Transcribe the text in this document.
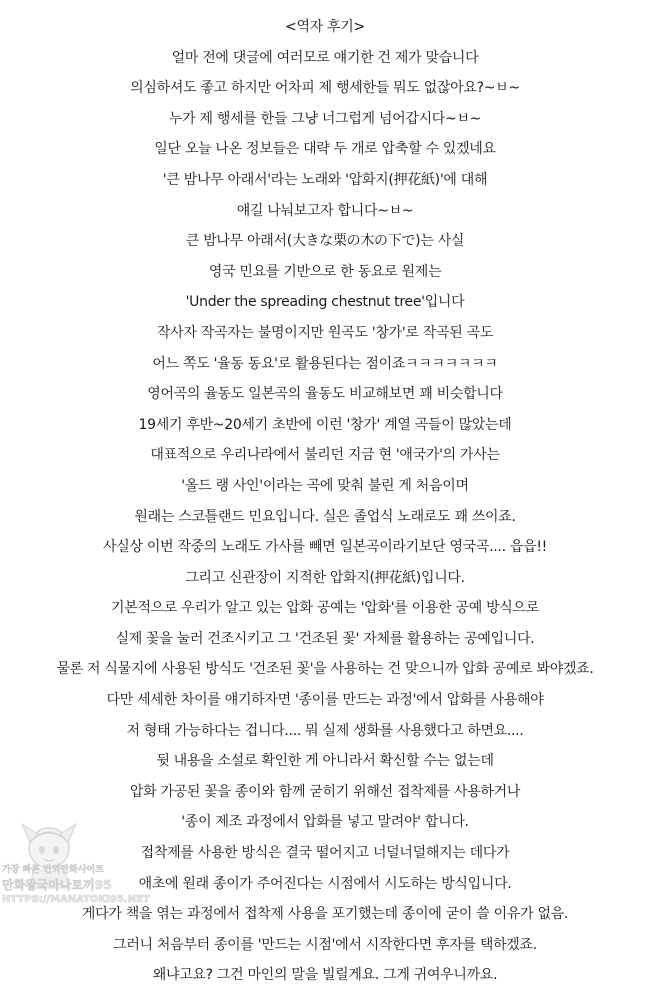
<역자 후기>
얼마 전에 댓글에 여러모로 얘기한 건 제가 맞습니다
의심하셔도 좋고 하지만 어차피 제 행세한들 뭐도 없잖아요?~ㅂ~
누가 제 행세를 한들 그냥 너그럽게 넘어갑시다~ㅂ~
일단 오늘 나온 정보들은 대략 두 개로 압축할 수 있겠네요
'큰 밤나무 아래서'라는 노래와 '압화지(押花紙)'에 대해
얘길 나눠보고자 합니다~ㅂ~
큰 밤나무 아래서(大きな栗の木の下で)는 사실
영국 민요를 기반으로 한 동요로 원제는
'Under the spreading chestnut tree'입니다
작사자 작곡자는 불명이지만 원곡도 '창가'로 작곡된 곡도
어느 쪽도 '율동 동요'로 활용된다는 점이죠ㅋㅋㅋㅋㅋㅋㅋ
영어곡의 율동도 일본곡의 율동도 비교해보면 꽤 비슷합니다
19세기 후반~20세기 초반에 이런 '창가' 계열 곡들이 많았는데
대표적으로 우리나라에서 불리던 지금 현 '애국가'의 가사는
'올드 랭 사인'이라는 곡에 맞춰 불린 게 처음이며
원래는 스코틀랜드 민요입니다. 실은 졸업식 노래로도 꽤 쓰이죠.
사실상 이번 작중의 노래도 가사를 빼면 일본곡이라기보단 영국곡.... 읍읍!!
그리고 신관장이 지적한 압화지(押花紙)입니다.
기본적으로 우리가 알고 있는 압화 공예는 '압화'를 이용한 공예 방식으로
실제 꽃을 눌러 건조시키고 그 '건조된 꽃' 자체를 활용하는 공예입니다.
물론 저 식물지에 사용된 방식도 '건조된 꽃'을 사용하는 건 맞으니까 압화 공예로 봐야겠죠.
다만 세세한 차이를 얘기하자면 '종이를 만드는 과정'에서 압화를 사용해야
저 형태 가능하다는 겁니다.... 뭐 실제 생화를 사용했다고 하면요....
뒷 내용을 소설로 확인한 게 아니라서 확신할 수는 없는데
압화 가공된 꽃을 종이와 함께 굳히기 위해선 접착제를 사용하거나
'종이 제조 과정에서 압화를 넣고 말려야' 합니다.
접착제를 사용한 방식은 결국 떨어지고 너덜너덜해지는 데다가
애초에 원래 종이가 주어진다는 시점에서 시도하는 방식입니다.
게다가 책을 엮는 과정에서 접착제 사용을 포기했는데 종이에 굳이 쓸 이유가 없음.
그러니 처음부터 종이를 '만드는 시점'에서 시작한다면 후자를 택하겠죠.
왜냐고요? 그건 마인의 말을 빌릴게요. 그게 귀여우니까요.
가장 빠른 번역만화사이트
만화왕국마나토끼95
HTTPS://MANATOKI95.NET
